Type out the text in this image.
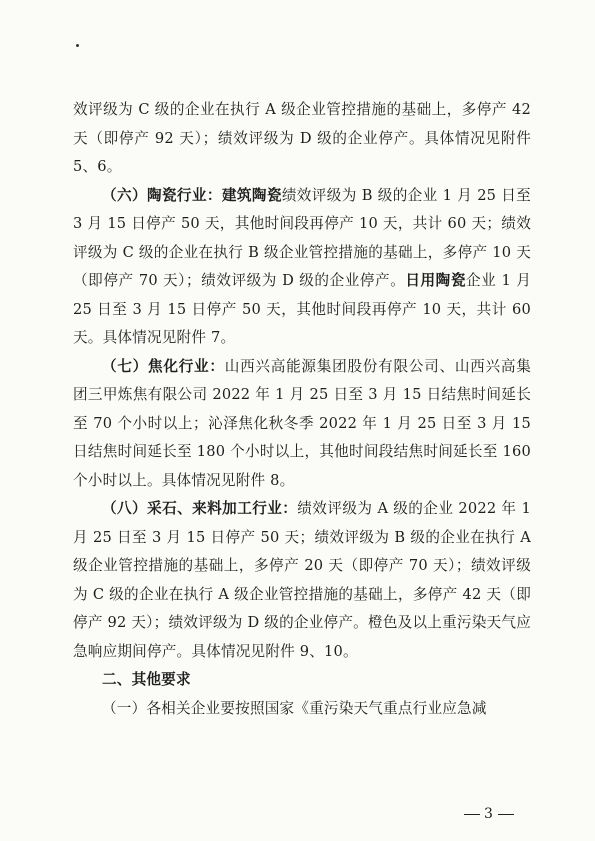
效评级为 C 级的企业在执行 A 级企业管控措施的基础上，多停产 42 天（即停产 92 天）；绩效评级为 D 级的企业停产。具体情况见附件 5、6。

（六）陶瓷行业：建筑陶瓷绩效评级为 B 级的企业 1 月 25 日至 3 月 15 日停产 50 天，其他时间段再停产 10 天，共计 60 天；绩效评级为 C 级的企业在执行 B 级企业管控措施的基础上，多停产 10 天（即停产 70 天）；绩效评级为 D 级的企业停产。日用陶瓷企业 1 月 25 日至 3 月 15 日停产 50 天，其他时间段再停产 10 天，共计 60 天。具体情况见附件 7。

（七）焦化行业：山西兴高能源集团股份有限公司、山西兴高集团三甲炼焦有限公司 2022 年 1 月 25 日至 3 月 15 日结焦时间延长至 70 个小时以上；沁泽焦化秋冬季 2022 年 1 月 25 日至 3 月 15 日结焦时间延长至 180 个小时以上，其他时间段结焦时间延长至 160 个小时以上。具体情况见附件 8。

（八）采石、来料加工行业：绩效评级为 A 级的企业 2022 年 1 月 25 日至 3 月 15 日停产 50 天；绩效评级为 B 级的企业在执行 A 级企业管控措施的基础上，多停产 20 天（即停产 70 天）；绩效评级为 C 级的企业在执行 A 级企业管控措施的基础上，多停产 42 天（即停产 92 天）；绩效评级为 D 级的企业停产。橙色及以上重污染天气应急响应期间停产。具体情况见附件 9、10。

二、其他要求

（一）各相关企业要按照国家《重污染天气重点行业应急减

3
